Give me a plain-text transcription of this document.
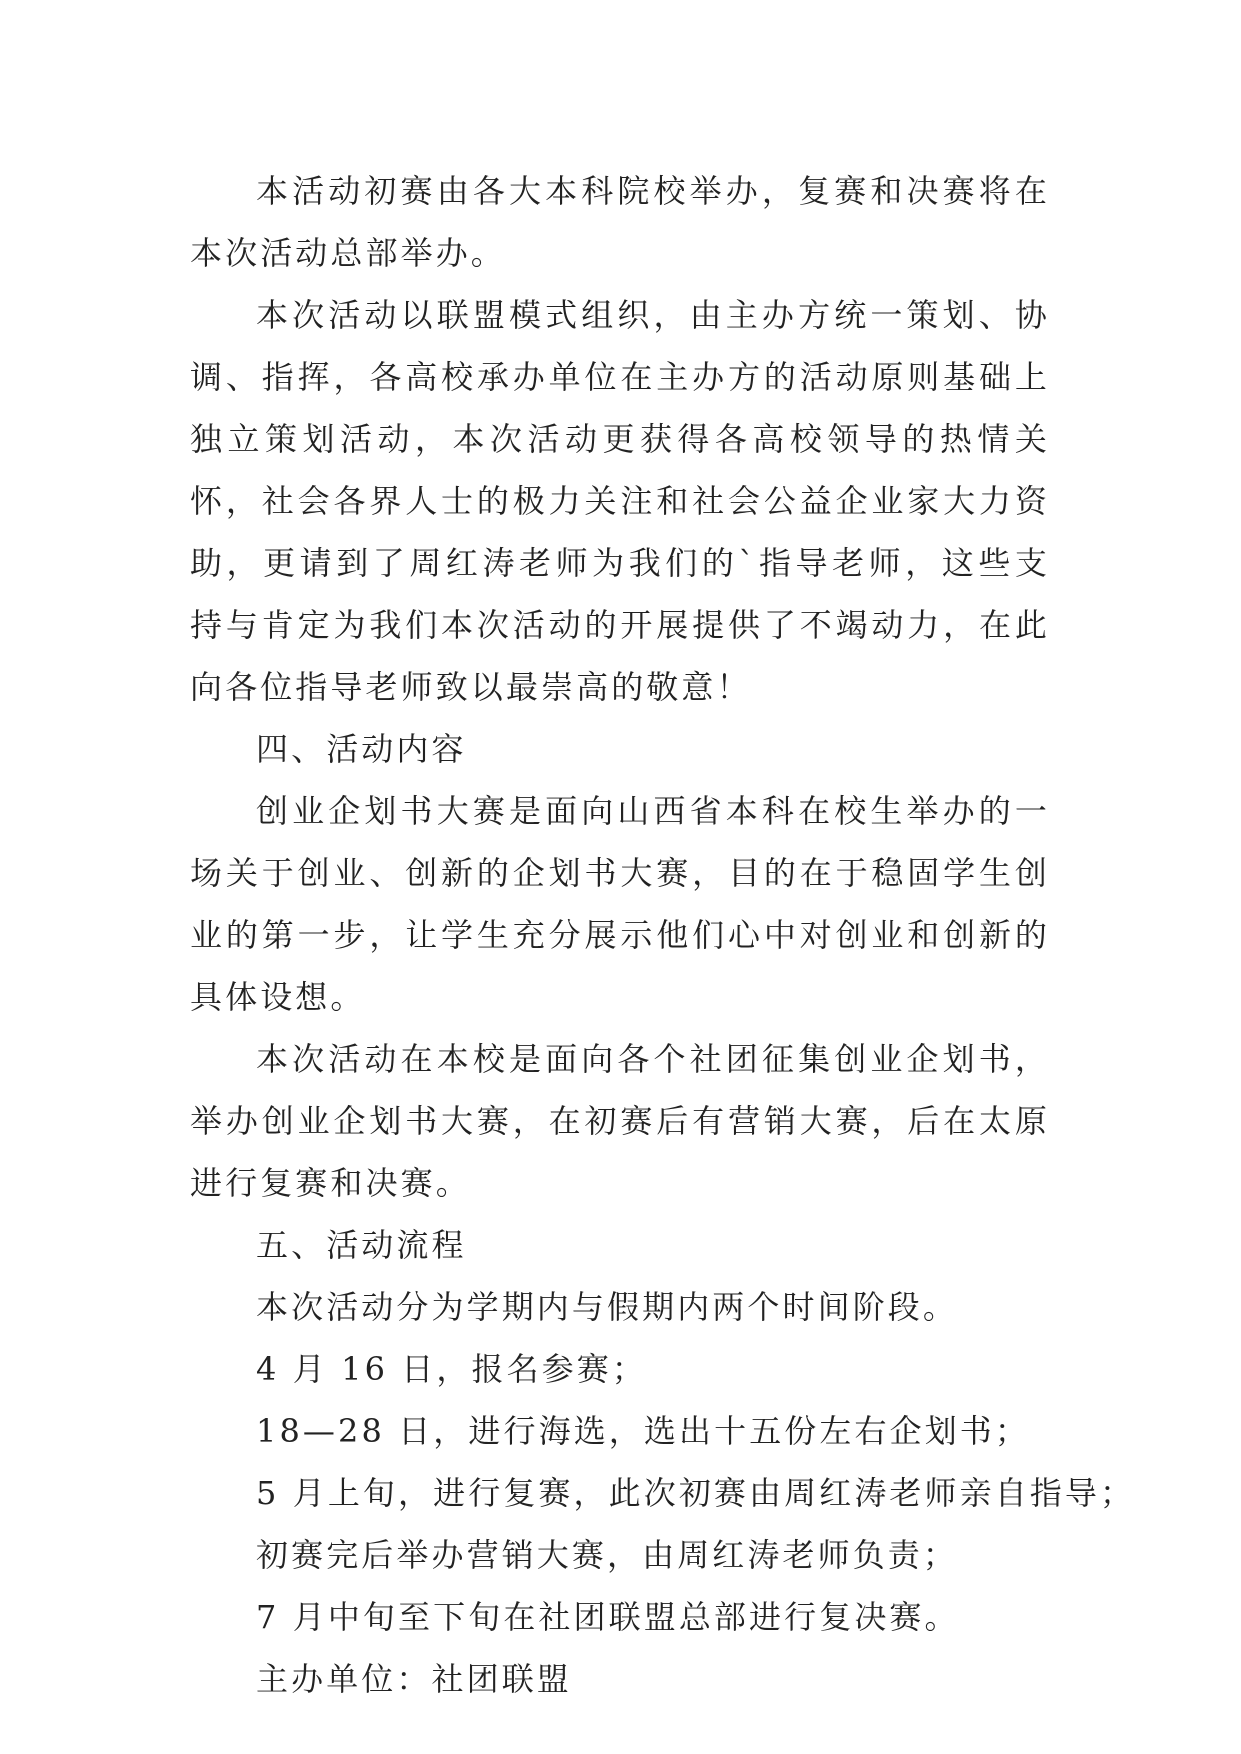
本活动初赛由各大本科院校举办，复赛和决赛将在本次活动总部举办。

本次活动以联盟模式组织，由主办方统一策划、协调、指挥，各高校承办单位在主办方的活动原则基础上独立策划活动，本次活动更获得各高校领导的热情关怀，社会各界人士的极力关注和社会公益企业家大力资助，更请到了周红涛老师为我们的`指导老师，这些支持与肯定为我们本次活动的开展提供了不竭动力，在此向各位指导老师致以最崇高的敬意！

四、活动内容

创业企划书大赛是面向山西省本科在校生举办的一场关于创业、创新的企划书大赛，目的在于稳固学生创业的第一步，让学生充分展示他们心中对创业和创新的具体设想。

本次活动在本校是面向各个社团征集创业企划书，举办创业企划书大赛，在初赛后有营销大赛，后在太原进行复赛和决赛。

五、活动流程

本次活动分为学期内与假期内两个时间阶段。

4 月 16 日，报名参赛；

18—28 日，进行海选，选出十五份左右企划书；

5 月上旬，进行复赛，此次初赛由周红涛老师亲自指导；

初赛完后举办营销大赛，由周红涛老师负责；

7 月中旬至下旬在社团联盟总部进行复决赛。

主办单位：社团联盟
